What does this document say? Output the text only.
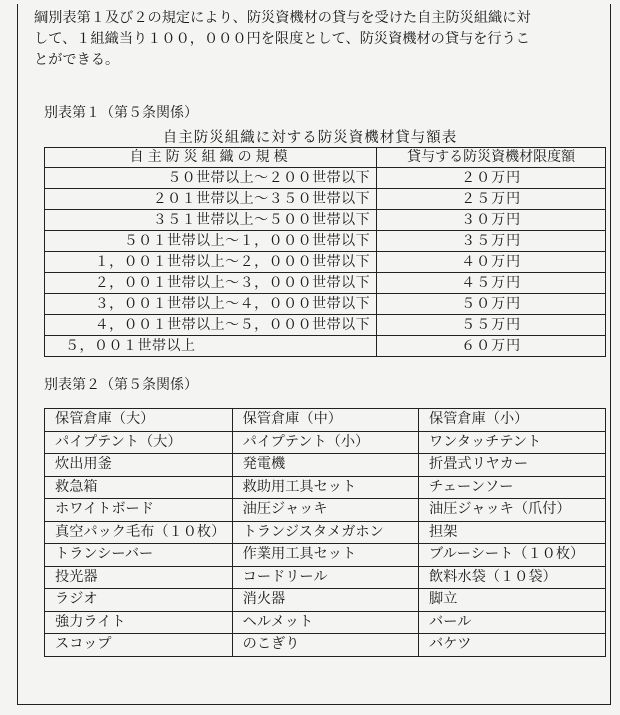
綱別表第１及び２の規定により、防災資機材の貸与を受けた自主防災組織に対
して、１組織当り１００，０００円を限度として、防災資機材の貸与を行うこ
とができる。

別表第１（第５条関係）

自主防災組織に対する防災資機材貸与額表

自主防災組織の規模	貸与する防災資機材限度額
５０世帯以上～２００世帯以下	２０万円
２０１世帯以上～３５０世帯以下	２５万円
３５１世帯以上～５００世帯以下	３０万円
５０１世帯以上～１，０００世帯以下	３５万円
１，００１世帯以上～２，０００世帯以下	４０万円
２，００１世帯以上～３，０００世帯以下	４５万円
３，００１世帯以上～４，０００世帯以下	５０万円
４，００１世帯以上～５，０００世帯以下	５５万円
５，００１世帯以上	６０万円

別表第２（第５条関係）

保管倉庫（大）	保管倉庫（中）	保管倉庫（小）
パイプテント（大）	パイプテント（小）	ワンタッチテント
炊出用釜	発電機	折畳式リヤカー
救急箱	救助用工具セット	チェーンソー
ホワイトボード	油圧ジャッキ	油圧ジャッキ（爪付）
真空パック毛布（１０枚）	トランジスタメガホン	担架
トランシーバー	作業用工具セット	ブルーシート（１０枚）
投光器	コードリール	飲料水袋（１０袋）
ラジオ	消火器	脚立
強力ライト	ヘルメット	バール
スコップ	のこぎり	バケツ
